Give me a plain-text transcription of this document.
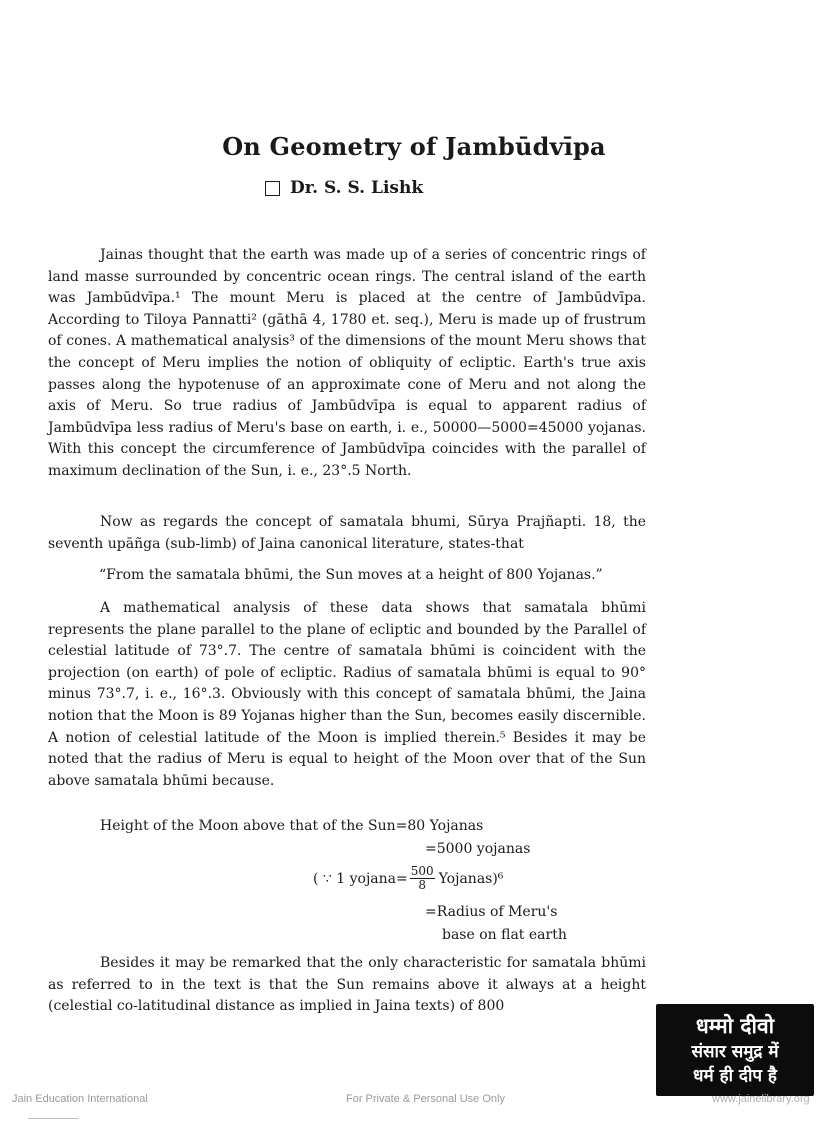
On Geometry of Jambūdvīpa
Dr. S. S. Lishk

Jainas thought that the earth was made up of a series of concentric rings of land masse surrounded by concentric ocean rings. The central island of the earth was Jambūdvīpa.¹ The mount Meru is placed at the centre of Jambūdvīpa. According to Tiloya Pannatti² (gāthā 4, 1780 et. seq.), Meru is made up of frustrum of cones. A mathematical analysis³ of the dimensions of the mount Meru shows that the concept of Meru implies the notion of obliquity of ecliptic. Earth's true axis passes along the hypotenuse of an approximate cone of Meru and not along the axis of Meru. So true radius of Jambūdvīpa is equal to apparent radius of Jambūdvīpa less radius of Meru's base on earth, i. e., 50000—5000=45000 yojanas. With this concept the circumference of Jambūdvīpa coincides with the parallel of maximum declination of the Sun, i. e., 23°.5 North.

Now as regards the concept of samatala bhumi, Sūrya Prajñapti. 18, the seventh upāñga (sub-limb) of Jaina canonical literature, states-that

“From the samatala bhūmi, the Sun moves at a height of 800 Yojanas.”

A mathematical analysis of these data shows that samatala bhūmi represents the plane parallel to the plane of ecliptic and bounded by the Parallel of celestial latitude of 73°.7. The centre of samatala bhūmi is coincident with the projection (on earth) of pole of ecliptic. Radius of samatala bhūmi is equal to 90° minus 73°.7, i. e., 16°.3. Obviously with this concept of samatala bhūmi, the Jaina notion that the Moon is 89 Yojanas higher than the Sun, becomes easily discernible. A notion of celestial latitude of the Moon is implied therein.⁵ Besides it may be noted that the radius of Meru is equal to height of the Moon over that of the Sun above samatala bhūmi because.

Height of the Moon above that of the Sun=80 Yojanas
=5000 yojanas
( ∵ 1 yojana= $\frac{500}{8}$ Yojanas)⁶
=Radius of Meru's
base on flat earth

Besides it may be remarked that the only characteristic for samatala bhūmi as referred to in the text is that the Sun remains above it always at a height (celestial co-latitudinal distance as implied in Jaina texts) of 800

धम्मो दीवो
संसार समुद्र में
धर्म ही दीप है
Jain Education International	For Private & Personal Use Only	www.jainelibrary.org
